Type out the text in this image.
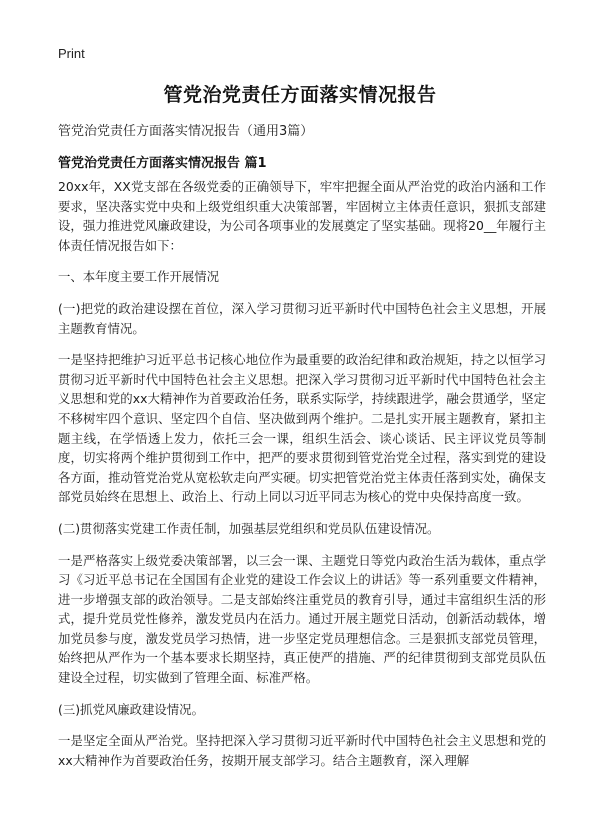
Print
管党治党责任方面落实情况报告
管党治党责任方面落实情况报告（通用3篇）
管党治党责任方面落实情况报告 篇1

20xx年，XX党支部在各级党委的正确领导下，牢牢把握全面从严治党的政治内涵和工作要求，坚决落实党中央和上级党组织重大决策部署，牢固树立主体责任意识，狠抓支部建设，强力推进党风廉政建设，为公司各项事业的发展奠定了坚实基础。现将20__年履行主体责任情况报告如下：

一、本年度主要工作开展情况

(一)把党的政治建设摆在首位，深入学习贯彻习近平新时代中国特色社会主义思想，开展主题教育情况。

一是坚持把维护习近平总书记核心地位作为最重要的政治纪律和政治规矩，持之以恒学习贯彻习近平新时代中国特色社会主义思想。把深入学习贯彻习近平新时代中国特色社会主义思想和党的xx大精神作为首要政治任务，联系实际学，持续跟进学，融会贯通学，坚定不移树牢四个意识、坚定四个自信、坚决做到两个维护。二是扎实开展主题教育，紧扣主题主线，在学悟透上发力，依托三会一课，组织生活会、谈心谈话、民主评议党员等制度，切实将两个维护贯彻到工作中，把严的要求贯彻到管党治党全过程，落实到党的建设各方面，推动管党治党从宽松软走向严实硬。切实把管党治党主体责任落到实处，确保支部党员始终在思想上、政治上、行动上同以习近平同志为核心的党中央保持高度一致。

(二)贯彻落实党建工作责任制，加强基层党组织和党员队伍建设情况。

一是严格落实上级党委决策部署，以三会一课、主题党日等党内政治生活为载体，重点学习《习近平总书记在全国国有企业党的建设工作会议上的讲话》等一系列重要文件精神，进一步增强支部的政治领导。二是支部始终注重党员的教育引导，通过丰富组织生活的形式，提升党员党性修养，激发党员内在活力。通过开展主题党日活动，创新活动载体，增加党员参与度，激发党员学习热情，进一步坚定党员理想信念。三是狠抓支部党员管理，始终把从严作为一个基本要求长期坚持，真正使严的措施、严的纪律贯彻到支部党员队伍建设全过程，切实做到了管理全面、标准严格。

(三)抓党风廉政建设情况。

一是坚定全面从严治党。坚持把深入学习贯彻习近平新时代中国特色社会主义思想和党的xx大精神作为首要政治任务，按期开展支部学习。结合主题教育，深入理解
